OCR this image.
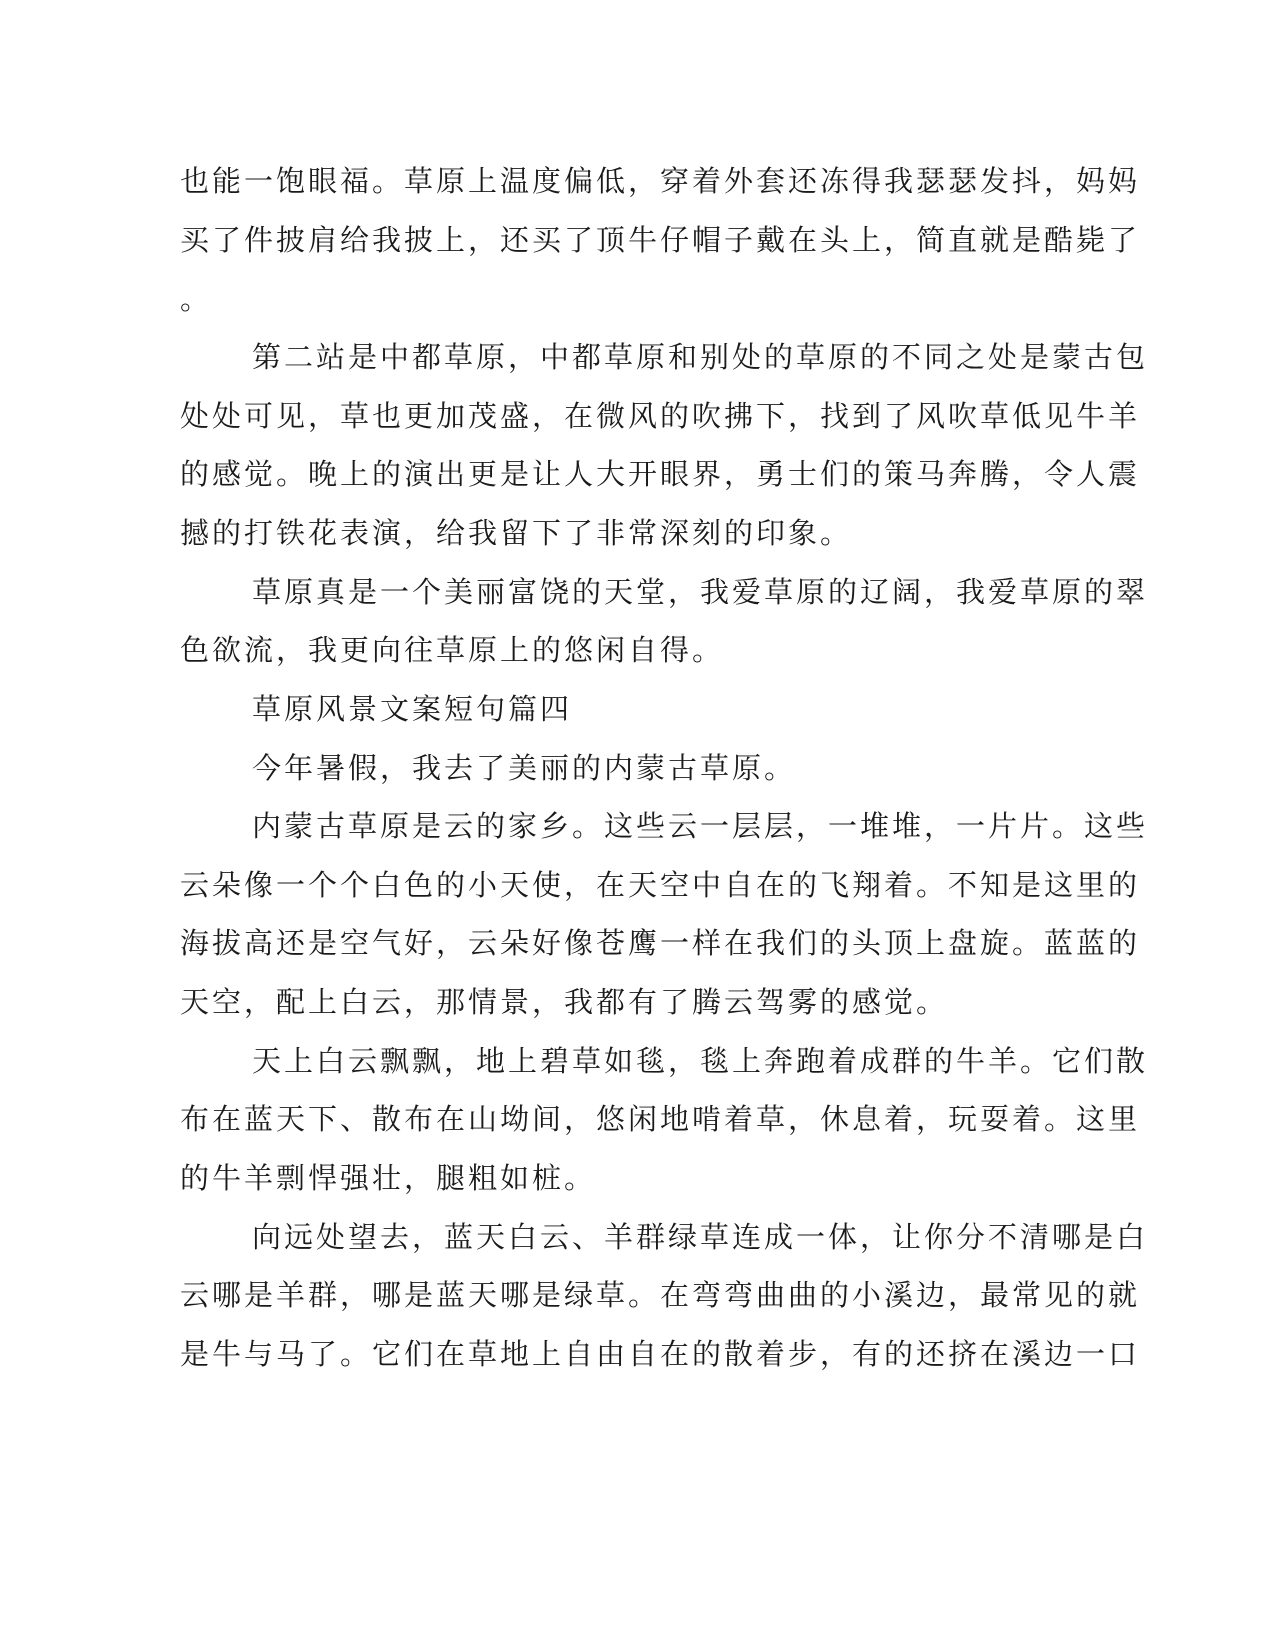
也能一饱眼福。草原上温度偏低，穿着外套还冻得我瑟瑟发抖，妈妈
买了件披肩给我披上，还买了顶牛仔帽子戴在头上，简直就是酷毙了
。
第二站是中都草原，中都草原和别处的草原的不同之处是蒙古包
处处可见，草也更加茂盛，在微风的吹拂下，找到了风吹草低见牛羊
的感觉。晚上的演出更是让人大开眼界，勇士们的策马奔腾，令人震
撼的打铁花表演，给我留下了非常深刻的印象。
草原真是一个美丽富饶的天堂，我爱草原的辽阔，我爱草原的翠
色欲流，我更向往草原上的悠闲自得。
草原风景文案短句篇四
今年暑假，我去了美丽的内蒙古草原。
内蒙古草原是云的家乡。这些云一层层，一堆堆，一片片。这些
云朵像一个个白色的小天使，在天空中自在的飞翔着。不知是这里的
海拔高还是空气好，云朵好像苍鹰一样在我们的头顶上盘旋。蓝蓝的
天空，配上白云，那情景，我都有了腾云驾雾的感觉。
天上白云飘飘，地上碧草如毯，毯上奔跑着成群的牛羊。它们散
布在蓝天下、散布在山坳间，悠闲地啃着草，休息着，玩耍着。这里
的牛羊剽悍强壮，腿粗如桩。
向远处望去，蓝天白云、羊群绿草连成一体，让你分不清哪是白
云哪是羊群，哪是蓝天哪是绿草。在弯弯曲曲的小溪边，最常见的就
是牛与马了。它们在草地上自由自在的散着步，有的还挤在溪边一口
